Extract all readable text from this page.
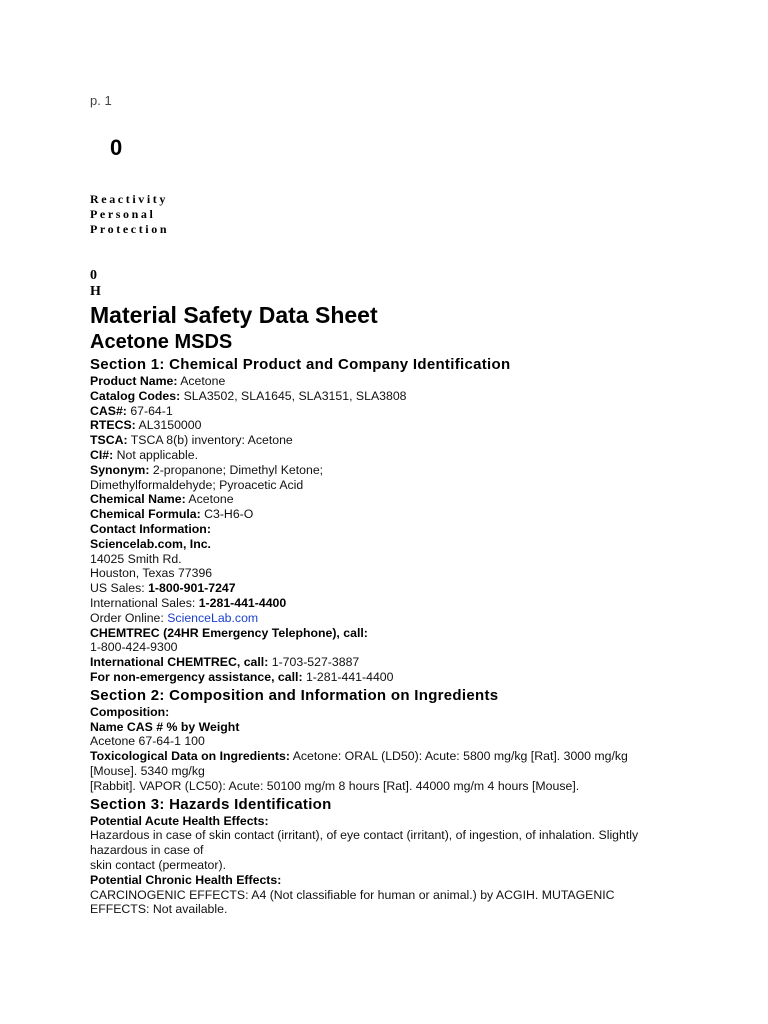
p. 1
0
Reactivity
Personal
Protection
0
H
Material Safety Data Sheet
Acetone MSDS
Section 1: Chemical Product and Company Identification
Product Name: Acetone
Catalog Codes: SLA3502, SLA1645, SLA3151, SLA3808
CAS#: 67-64-1
RTECS: AL3150000
TSCA: TSCA 8(b) inventory: Acetone
CI#: Not applicable.
Synonym: 2-propanone; Dimethyl Ketone;
Dimethylformaldehyde; Pyroacetic Acid
Chemical Name: Acetone
Chemical Formula: C3-H6-O
Contact Information:
Sciencelab.com, Inc.
14025 Smith Rd.
Houston, Texas 77396
US Sales: 1-800-901-7247
International Sales: 1-281-441-4400
Order Online: ScienceLab.com
CHEMTREC (24HR Emergency Telephone), call:
1-800-424-9300
International CHEMTREC, call: 1-703-527-3887
For non-emergency assistance, call: 1-281-441-4400
Section 2: Composition and Information on Ingredients
Composition:
Name CAS # % by Weight
Acetone 67-64-1 100
Toxicological Data on Ingredients: Acetone: ORAL (LD50): Acute: 5800 mg/kg [Rat]. 3000 mg/kg
[Mouse]. 5340 mg/kg
[Rabbit]. VAPOR (LC50): Acute: 50100 mg/m 8 hours [Rat]. 44000 mg/m 4 hours [Mouse].
Section 3: Hazards Identification
Potential Acute Health Effects:
Hazardous in case of skin contact (irritant), of eye contact (irritant), of ingestion, of inhalation. Slightly
hazardous in case of
skin contact (permeator).
Potential Chronic Health Effects:
CARCINOGENIC EFFECTS: A4 (Not classifiable for human or animal.) by ACGIH. MUTAGENIC
EFFECTS: Not available.
